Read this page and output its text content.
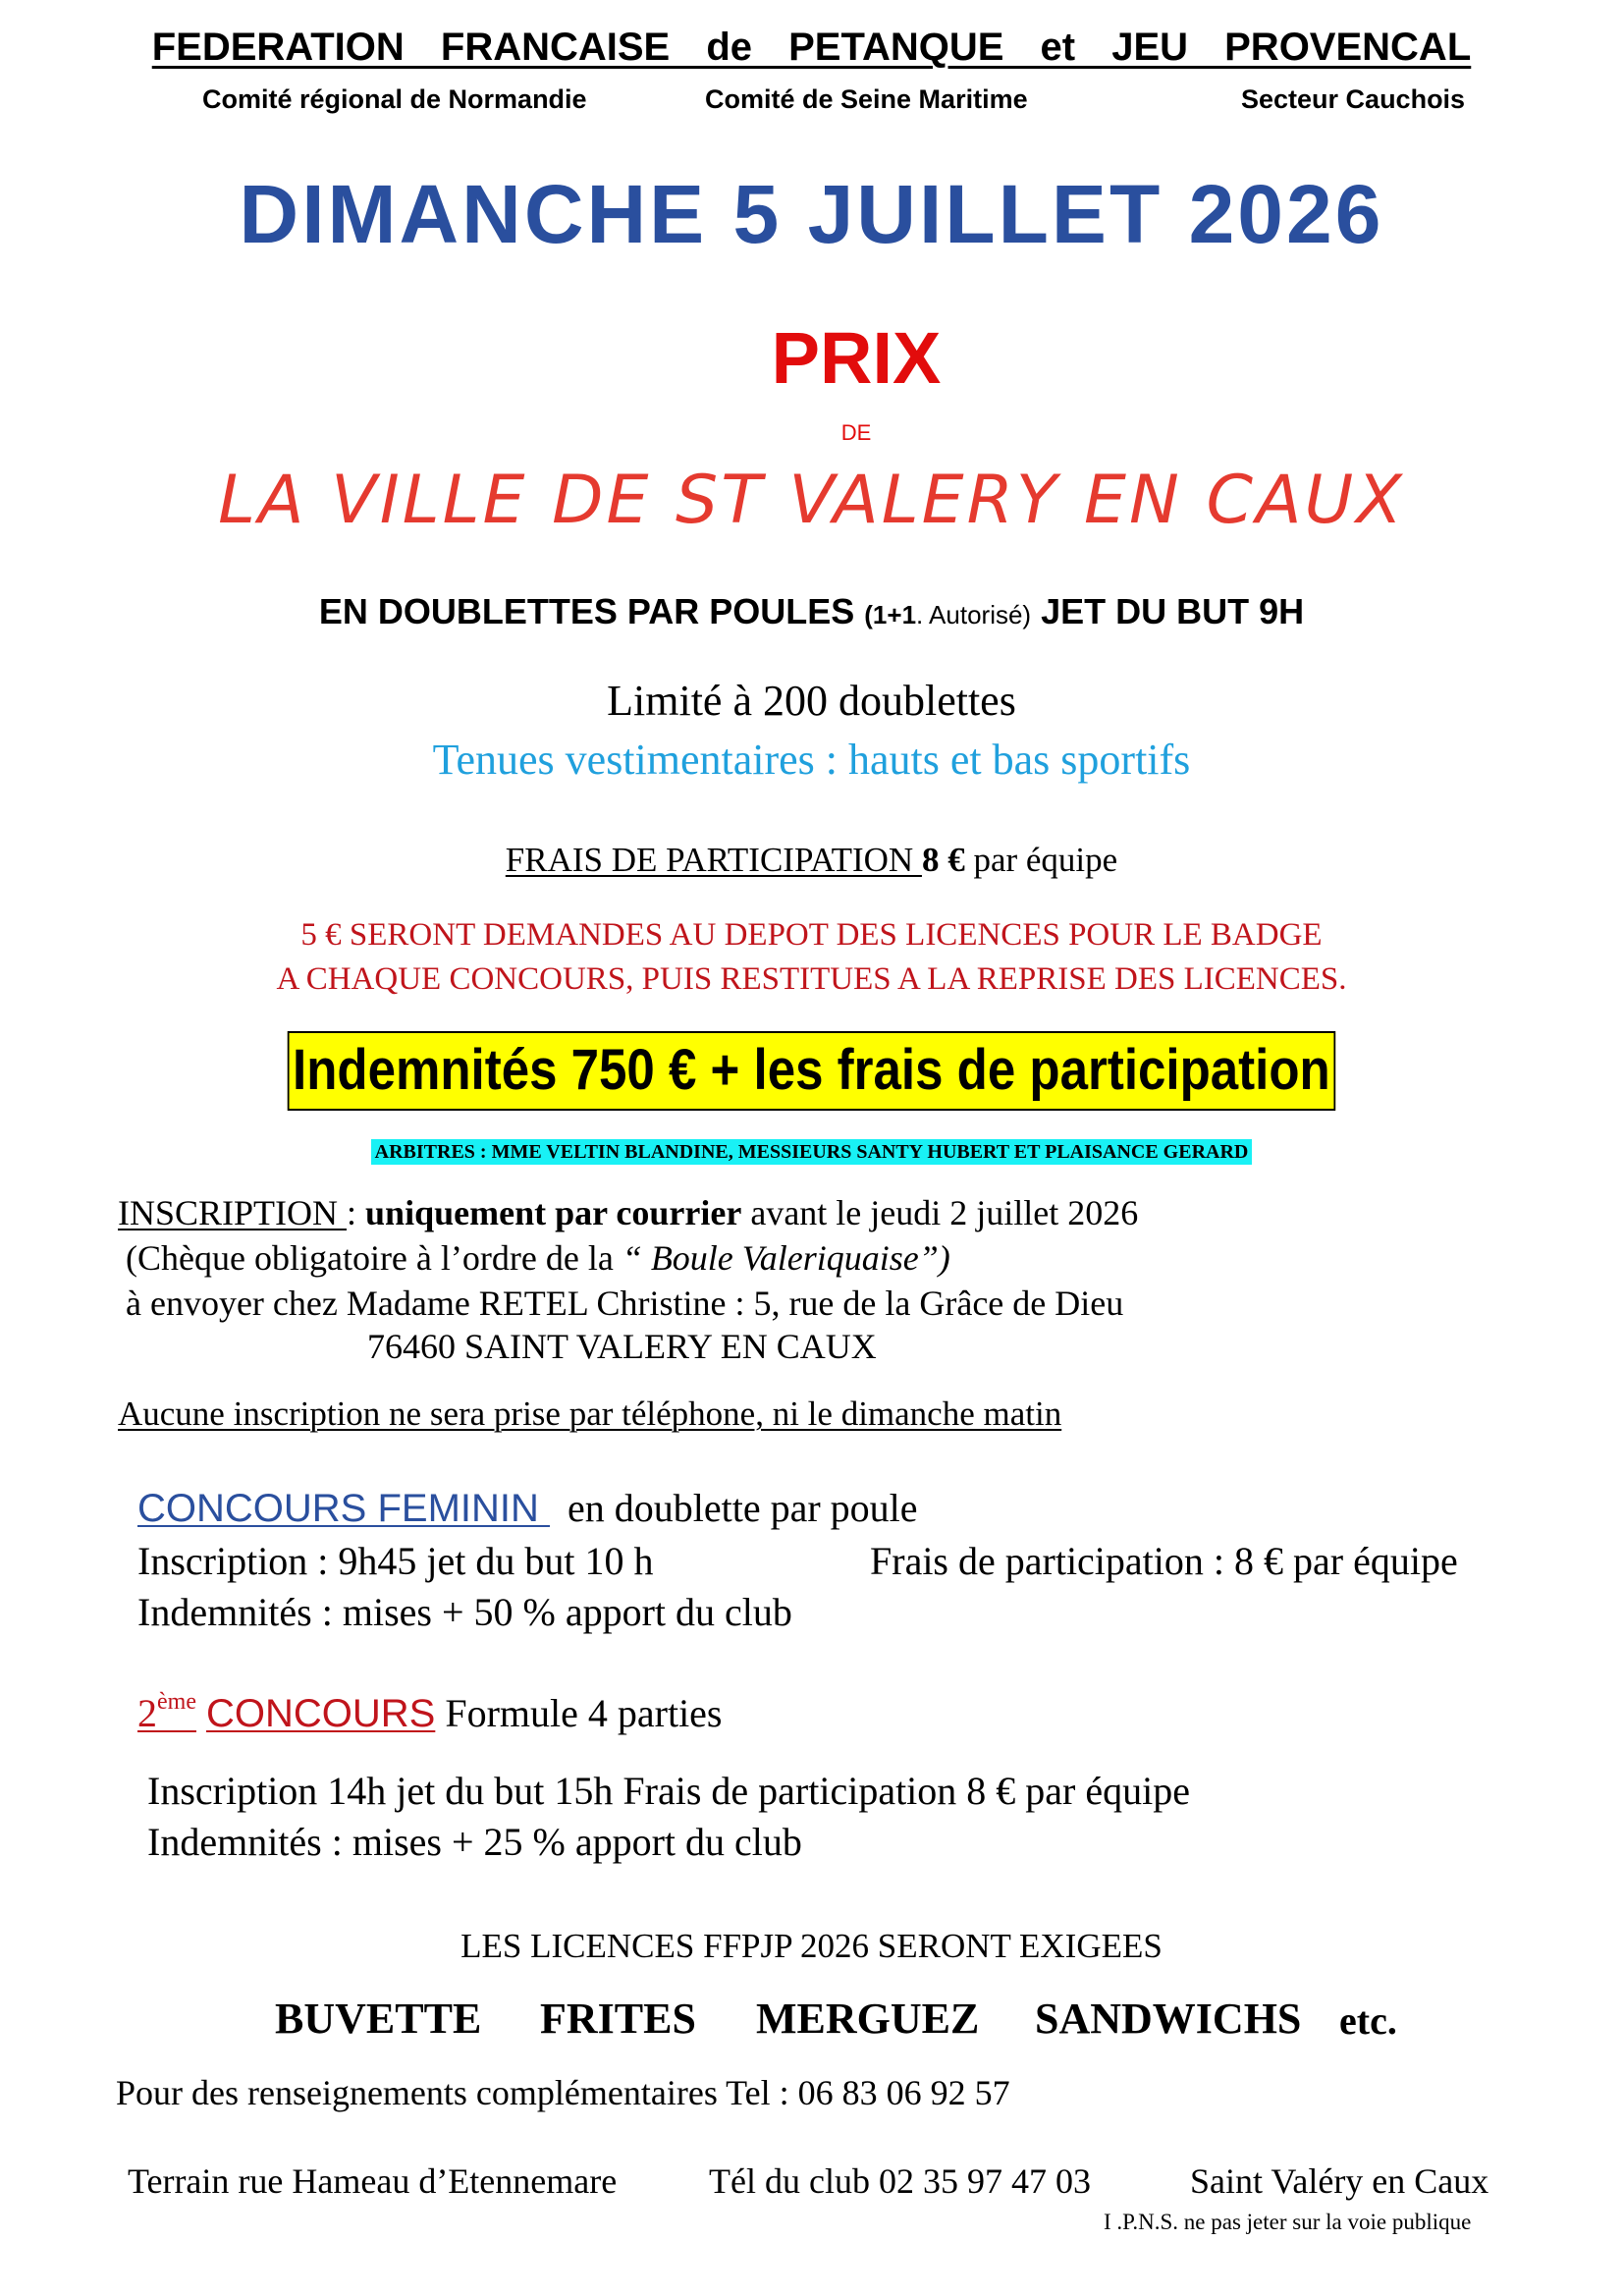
FEDERATION FRANCAISE de PETANQUE et JEU PROVENCAL
Comité régional de Normandie	Comité de Seine Maritime	Secteur Cauchois
DIMANCHE 5 JUILLET 2026
PRIX
DE
LA VILLE DE ST VALERY EN CAUX
EN DOUBLETTES PAR POULES (1+1. Autorisé) JET DU BUT 9H
Limité à 200 doublettes
Tenues vestimentaires : hauts et bas sportifs
FRAIS DE PARTICIPATION 8 € par équipe
5 € SERONT DEMANDES AU DEPOT DES LICENCES POUR LE BADGE
A CHAQUE CONCOURS, PUIS RESTITUES A LA REPRISE DES LICENCES.
Indemnités 750 € + les frais de participation
ARBITRES : MME VELTIN BLANDINE, MESSIEURS SANTY HUBERT ET PLAISANCE GERARD
INSCRIPTION : uniquement par courrier avant le jeudi 2 juillet 2026
(Chèque obligatoire à l’ordre de la “ Boule Valeriquaise”)
à envoyer chez Madame RETEL Christine : 5, rue de la Grâce de Dieu
76460 SAINT VALERY EN CAUX
Aucune inscription ne sera prise par téléphone, ni le dimanche matin
CONCOURS FEMININ en doublette par poule
Inscription : 9h45 jet du but 10 h	Frais de participation : 8 € par équipe
Indemnités : mises + 50 % apport du club
2ème CONCOURS Formule 4 parties
Inscription 14h jet du but 15h Frais de participation 8 € par équipe
Indemnités : mises + 25 % apport du club
LES LICENCES FFPJP 2026 SERONT EXIGEES
BUVETTE FRITES MERGUEZ SANDWICHS etc.
Pour des renseignements complémentaires Tel : 06 83 06 92 57
Terrain rue Hameau d’Etennemare	Tél du club 02 35 97 47 03	Saint Valéry en Caux
I .P.N.S. ne pas jeter sur la voie publique
